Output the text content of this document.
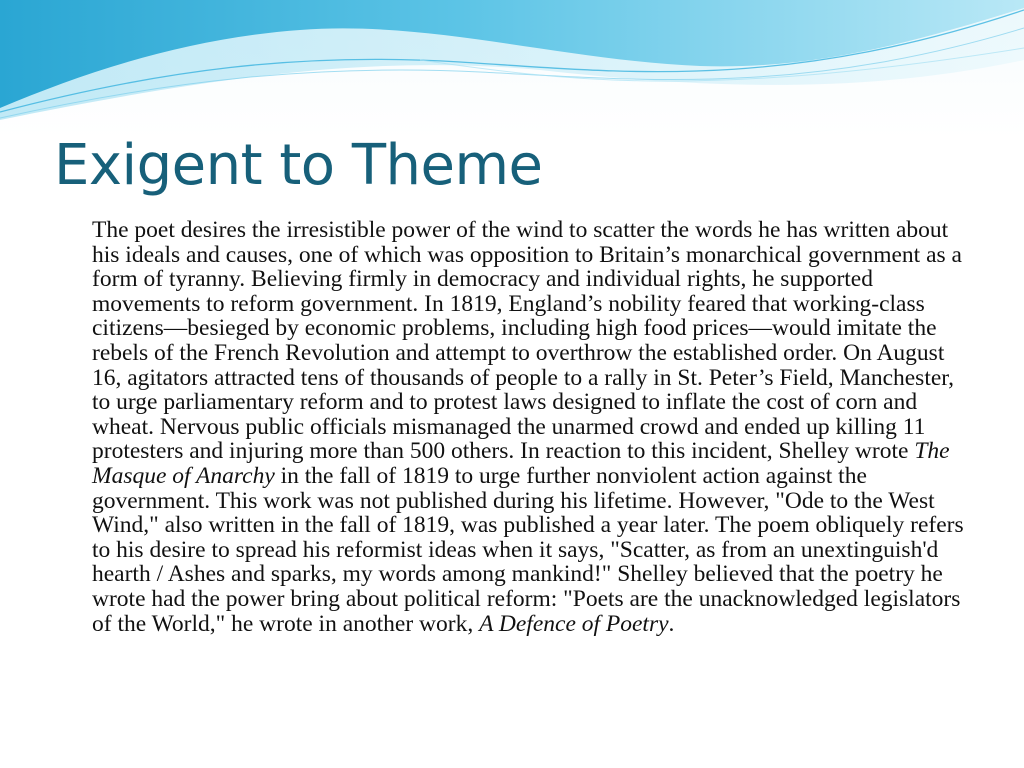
Exigent to Theme

The poet desires the irresistible power of the wind to scatter the words he has written about his ideals and causes, one of which was opposition to Britain’s monarchical government as a form of tyranny. Believing firmly in democracy and individual rights, he supported movements to reform government. In 1819, England’s nobility feared that working-class citizens—besieged by economic problems, including high food prices—would imitate the rebels of the French Revolution and attempt to overthrow the established order. On August 16, agitators attracted tens of thousands of people to a rally in St. Peter’s Field, Manchester, to urge parliamentary reform and to protest laws designed to inflate the cost of corn and wheat. Nervous public officials mismanaged the unarmed crowd and ended up killing 11 protesters and injuring more than 500 others. In reaction to this incident, Shelley wrote The Masque of Anarchy in the fall of 1819 to urge further nonviolent action against the government. This work was not published during his lifetime. However, "Ode to the West Wind," also written in the fall of 1819, was published a year later. The poem obliquely refers to his desire to spread his reformist ideas when it says, "Scatter, as from an unextinguish'd hearth / Ashes and sparks, my words among mankind!" Shelley believed that the poetry he wrote had the power bring about political reform: "Poets are the unacknowledged legislators of the World," he wrote in another work, A Defence of Poetry.
